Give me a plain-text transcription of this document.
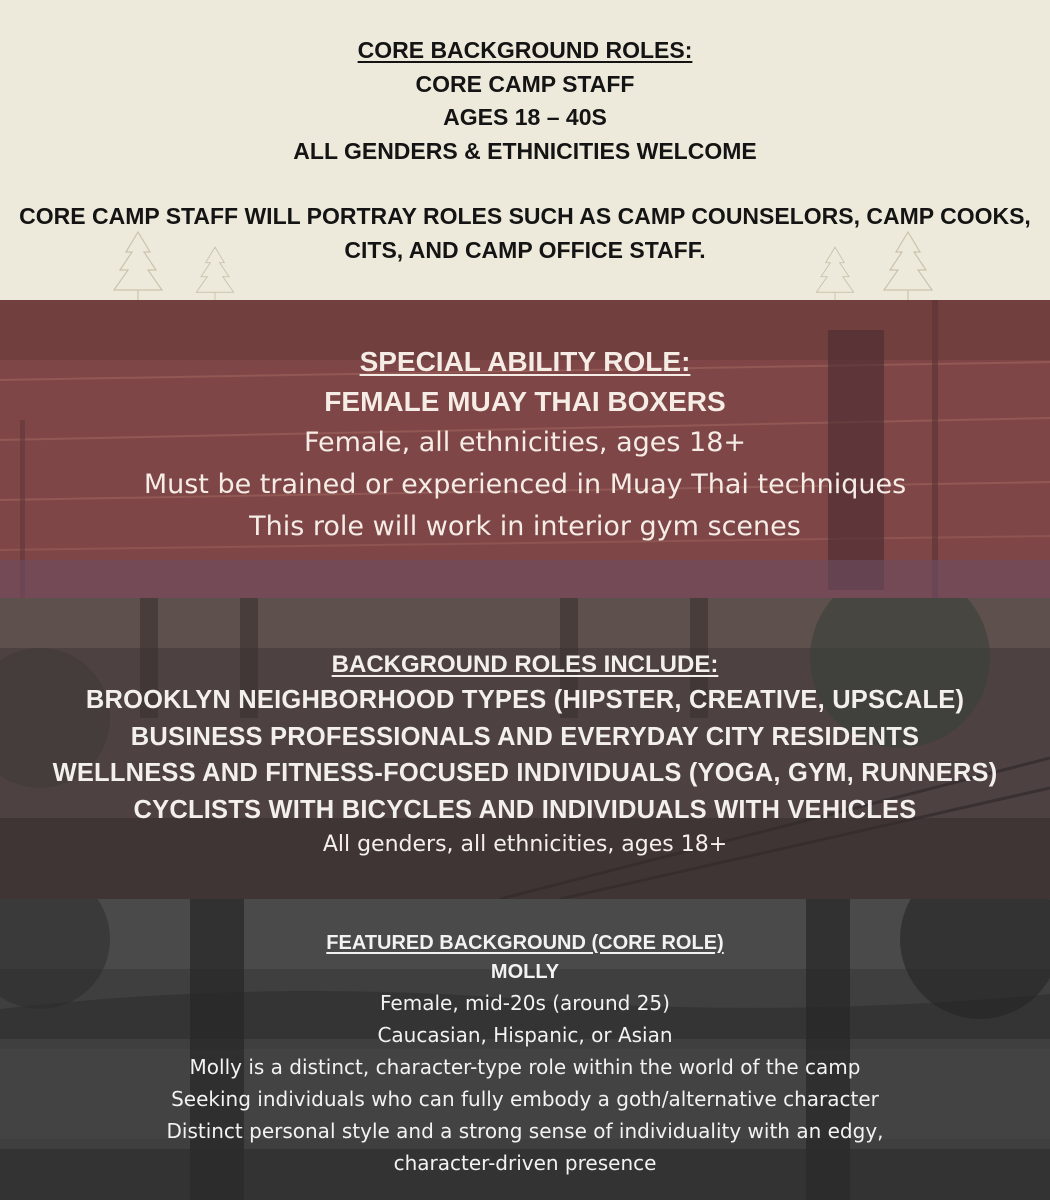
CORE BACKGROUND ROLES:
CORE CAMP STAFF
AGES 18 – 40S
ALL GENDERS & ETHNICITIES WELCOME
CORE CAMP STAFF WILL PORTRAY ROLES SUCH AS CAMP COUNSELORS, CAMP COOKS,
CITS, AND CAMP OFFICE STAFF.
SPECIAL ABILITY ROLE:
FEMALE MUAY THAI BOXERS
Female, all ethnicities, ages 18+
Must be trained or experienced in Muay Thai techniques
This role will work in interior gym scenes
BACKGROUND ROLES INCLUDE:
BROOKLYN NEIGHBORHOOD TYPES (HIPSTER, CREATIVE, UPSCALE)
BUSINESS PROFESSIONALS AND EVERYDAY CITY RESIDENTS
WELLNESS AND FITNESS-FOCUSED INDIVIDUALS (YOGA, GYM, RUNNERS)
CYCLISTS WITH BICYCLES AND INDIVIDUALS WITH VEHICLES
All genders, all ethnicities, ages 18+
FEATURED BACKGROUND (CORE ROLE)
MOLLY
Female, mid-20s (around 25)
Caucasian, Hispanic, or Asian
Molly is a distinct, character-type role within the world of the camp
Seeking individuals who can fully embody a goth/alternative character
Distinct personal style and a strong sense of individuality with an edgy,
character-driven presence
